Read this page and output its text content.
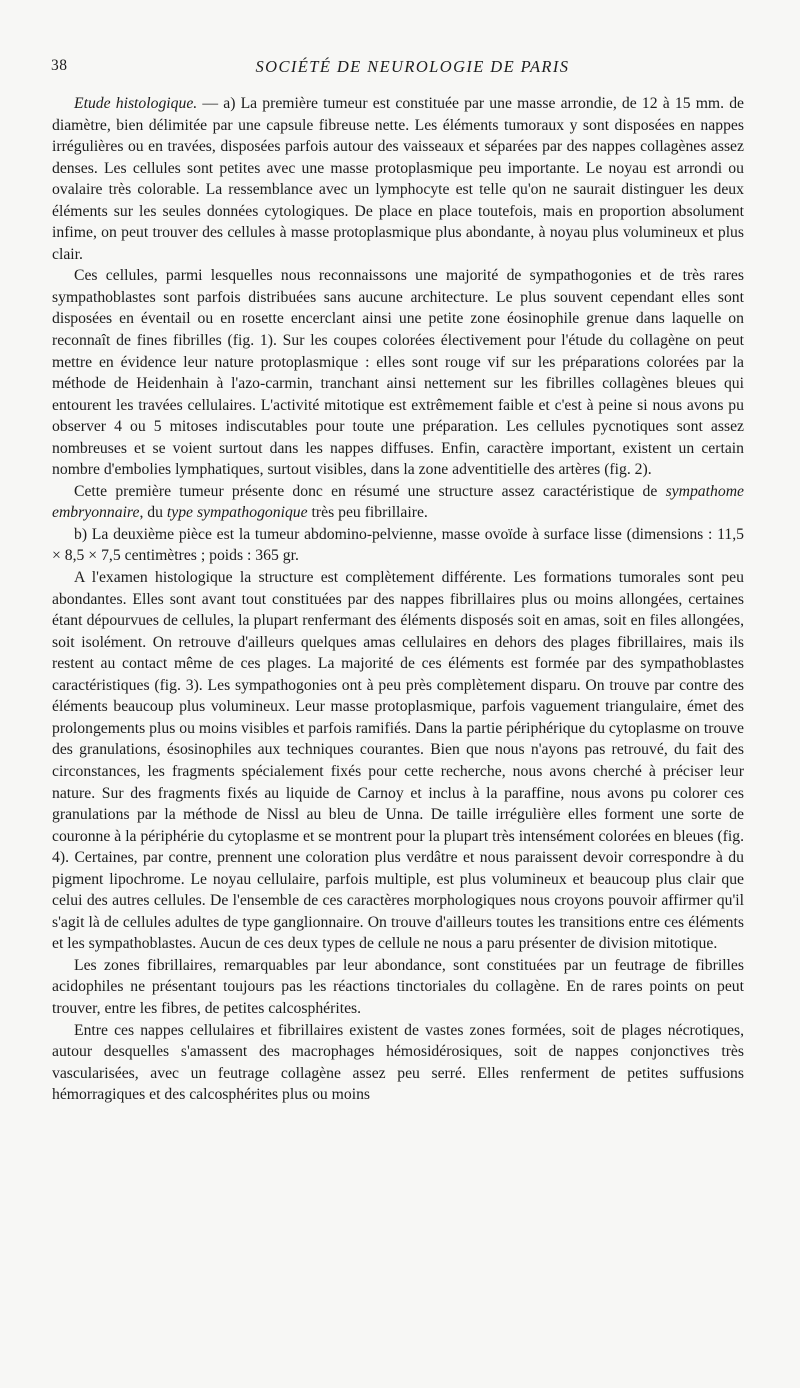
38	SOCIÉTÉ DE NEUROLOGIE DE PARIS

Etude histologique. — a) La première tumeur est constituée par une masse arrondie, de 12 à 15 mm. de diamètre, bien délimitée par une capsule fibreuse nette. Les éléments tumoraux y sont disposées en nappes irrégulières ou en travées, disposées parfois autour des vaisseaux et séparées par des nappes collagènes assez denses. Les cellules sont petites avec une masse protoplasmique peu importante. Le noyau est arrondi ou ovalaire très colorable. La ressemblance avec un lymphocyte est telle qu'on ne saurait distinguer les deux éléments sur les seules données cytologiques. De place en place toutefois, mais en proportion absolument infime, on peut trouver des cellules à masse protoplasmique plus abondante, à noyau plus volumineux et plus clair.

Ces cellules, parmi lesquelles nous reconnaissons une majorité de sympathogonies et de très rares sympathoblastes sont parfois distribuées sans aucune architecture. Le plus souvent cependant elles sont disposées en éventail ou en rosette encerclant ainsi une petite zone éosinophile grenue dans laquelle on reconnaît de fines fibrilles (fig. 1). Sur les coupes colorées électivement pour l'étude du collagène on peut mettre en évidence leur nature protoplasmique : elles sont rouge vif sur les préparations colorées par la méthode de Heidenhain à l'azo-carmin, tranchant ainsi nettement sur les fibrilles collagènes bleues qui entourent les travées cellulaires. L'activité mitotique est extrêmement faible et c'est à peine si nous avons pu observer 4 ou 5 mitoses indiscutables pour toute une préparation. Les cellules pycnotiques sont assez nombreuses et se voient surtout dans les nappes diffuses. Enfin, caractère important, existent un certain nombre d'embolies lymphatiques, surtout visibles, dans la zone adventitielle des artères (fig. 2).

Cette première tumeur présente donc en résumé une structure assez caractéristique de sympathome embryonnaire, du type sympathogonique très peu fibrillaire.

b) La deuxième pièce est la tumeur abdomino-pelvienne, masse ovoïde à surface lisse (dimensions : 11,5 × 8,5 × 7,5 centimètres ; poids : 365 gr.

A l'examen histologique la structure est complètement différente. Les formations tumorales sont peu abondantes. Elles sont avant tout constituées par des nappes fibrillaires plus ou moins allongées, certaines étant dépourvues de cellules, la plupart renfermant des éléments disposés soit en amas, soit en files allongées, soit isolément. On retrouve d'ailleurs quelques amas cellulaires en dehors des plages fibrillaires, mais ils restent au contact même de ces plages. La majorité de ces éléments est formée par des sympathoblastes caractéristiques (fig. 3). Les sympathogonies ont à peu près complètement disparu. On trouve par contre des éléments beaucoup plus volumineux. Leur masse protoplasmique, parfois vaguement triangulaire, émet des prolongements plus ou moins visibles et parfois ramifiés. Dans la partie périphérique du cytoplasme on trouve des granulations, ésosinophiles aux techniques courantes. Bien que nous n'ayons pas retrouvé, du fait des circonstances, les fragments spécialement fixés pour cette recherche, nous avons cherché à préciser leur nature. Sur des fragments fixés au liquide de Carnoy et inclus à la paraffine, nous avons pu colorer ces granulations par la méthode de Nissl au bleu de Unna. De taille irrégulière elles forment une sorte de couronne à la périphérie du cytoplasme et se montrent pour la plupart très intensément colorées en bleues (fig. 4). Certaines, par contre, prennent une coloration plus verdâtre et nous paraissent devoir correspondre à du pigment lipochrome. Le noyau cellulaire, parfois multiple, est plus volumineux et beaucoup plus clair que celui des autres cellules. De l'ensemble de ces caractères morphologiques nous croyons pouvoir affirmer qu'il s'agit là de cellules adultes de type ganglionnaire. On trouve d'ailleurs toutes les transitions entre ces éléments et les sympathoblastes. Aucun de ces deux types de cellule ne nous a paru présenter de division mitotique.

Les zones fibrillaires, remarquables par leur abondance, sont constituées par un feutrage de fibrilles acidophiles ne présentant toujours pas les réactions tinctoriales du collagène. En de rares points on peut trouver, entre les fibres, de petites calcosphérites.

Entre ces nappes cellulaires et fibrillaires existent de vastes zones formées, soit de plages nécrotiques, autour desquelles s'amassent des macrophages hémosidérosiques, soit de nappes conjonctives très vascularisées, avec un feutrage collagène assez peu serré. Elles renferment de petites suffusions hémorragiques et des calcosphérites plus ou moins
